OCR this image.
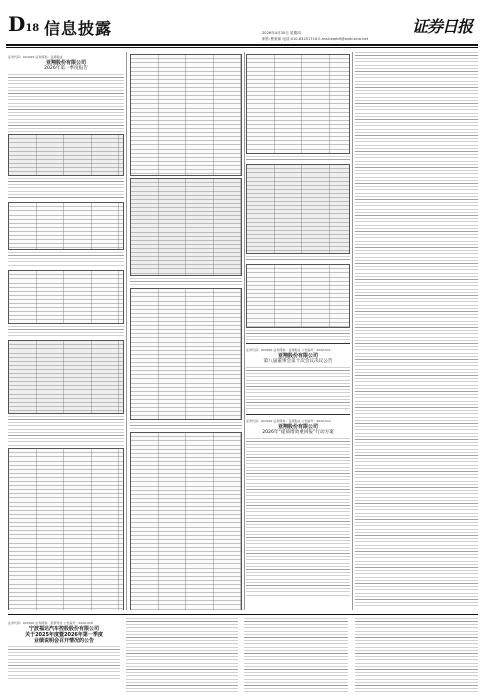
D18 信息披露	2026年4月30日 星期四
制作:曹秉琛 电话:010-83251716 E-mail:zqrb9@zqrb.sina.net
证券日报
证券代码：603929 证券简称：亚翔集成
亚翔股份有限公司
2026年第一季度报告
证券代码：603929 证券简称：亚翔集成 公告编号：2026-011
亚翔股份有限公司
第八届董事会第十次会议决议公告
证券代码：603929 证券简称：亚翔集成 公告编号：2026-012
亚翔股份有限公司
2026年“提质增效重回报”行动方案
证券代码：600590 证券简称：泰豪科技 公告编号：2026-018
宁波福达汽车控股股份有限公司
关于2025年度暨2026年第一季度
业绩说明会召开情况的公告
